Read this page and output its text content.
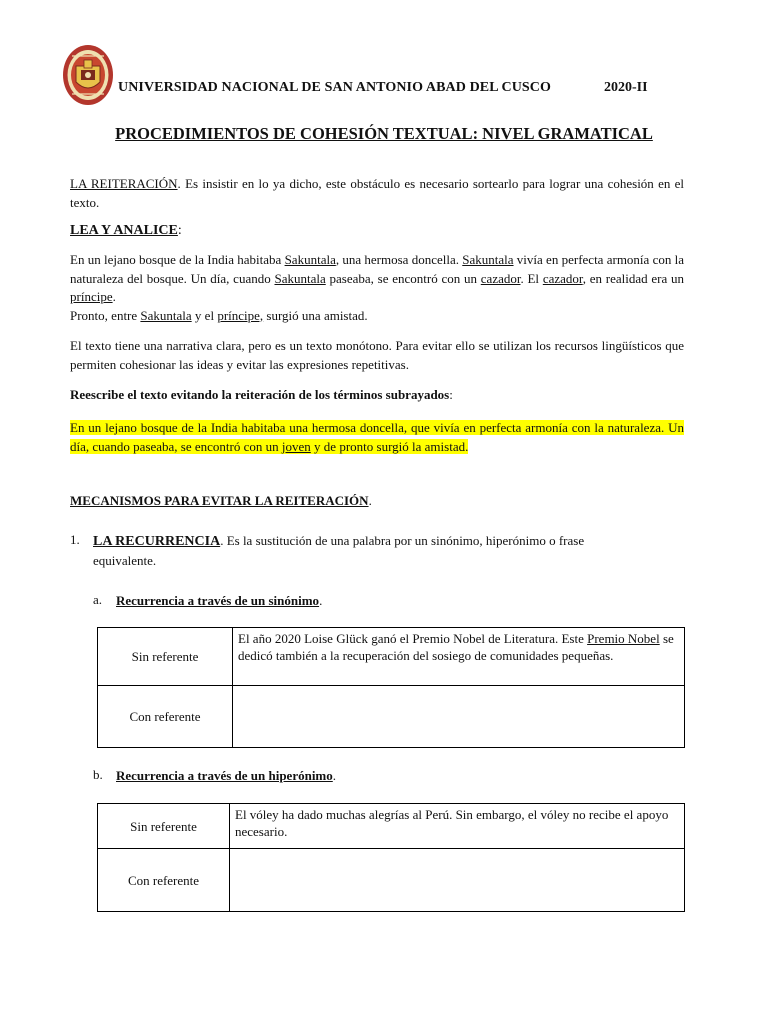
UNIVERSIDAD NACIONAL DE SAN ANTONIO ABAD DEL CUSCO	2020-II
PROCEDIMIENTOS DE COHESIÓN TEXTUAL: NIVEL GRAMATICAL
LA REITERACIÓN. Es insistir en lo ya dicho, este obstáculo es necesario sortearlo para lograr una cohesión en el texto.
LEA Y ANALICE:
En un lejano bosque de la India habitaba Sakuntala, una hermosa doncella. Sakuntala vivía en perfecta armonía con la naturaleza del bosque. Un día, cuando Sakuntala paseaba, se encontró con un cazador. El cazador, en realidad era un príncipe.
Pronto, entre Sakuntala y el príncipe, surgió una amistad.
El texto tiene una narrativa clara, pero es un texto monótono. Para evitar ello se utilizan los recursos lingüísticos que permiten cohesionar las ideas y evitar las expresiones repetitivas.
Reescribe el texto evitando la reiteración de los términos subrayados:
En un lejano bosque de la India habitaba una hermosa doncella, que vivía en perfecta armonía con la naturaleza. Un día, cuando paseaba, se encontró con un joven y de pronto surgió la amistad.
MECANISMOS PARA EVITAR LA REITERACIÓN.
1. LA RECURRENCIA. Es la sustitución de una palabra por un sinónimo, hiperónimo o frase
equivalente.
a. Recurrencia a través de un sinónimo.
Sin referente	El año 2020 Loise Glück ganó el Premio Nobel de Literatura. Este Premio Nobel se dedicó también a la recuperación del sosiego de comunidades pequeñas.
Con referente	
b. Recurrencia a través de un hiperónimo.
Sin referente	El vóley ha dado muchas alegrías al Perú. Sin embargo, el vóley no recibe el apoyo necesario.
Con referente	
